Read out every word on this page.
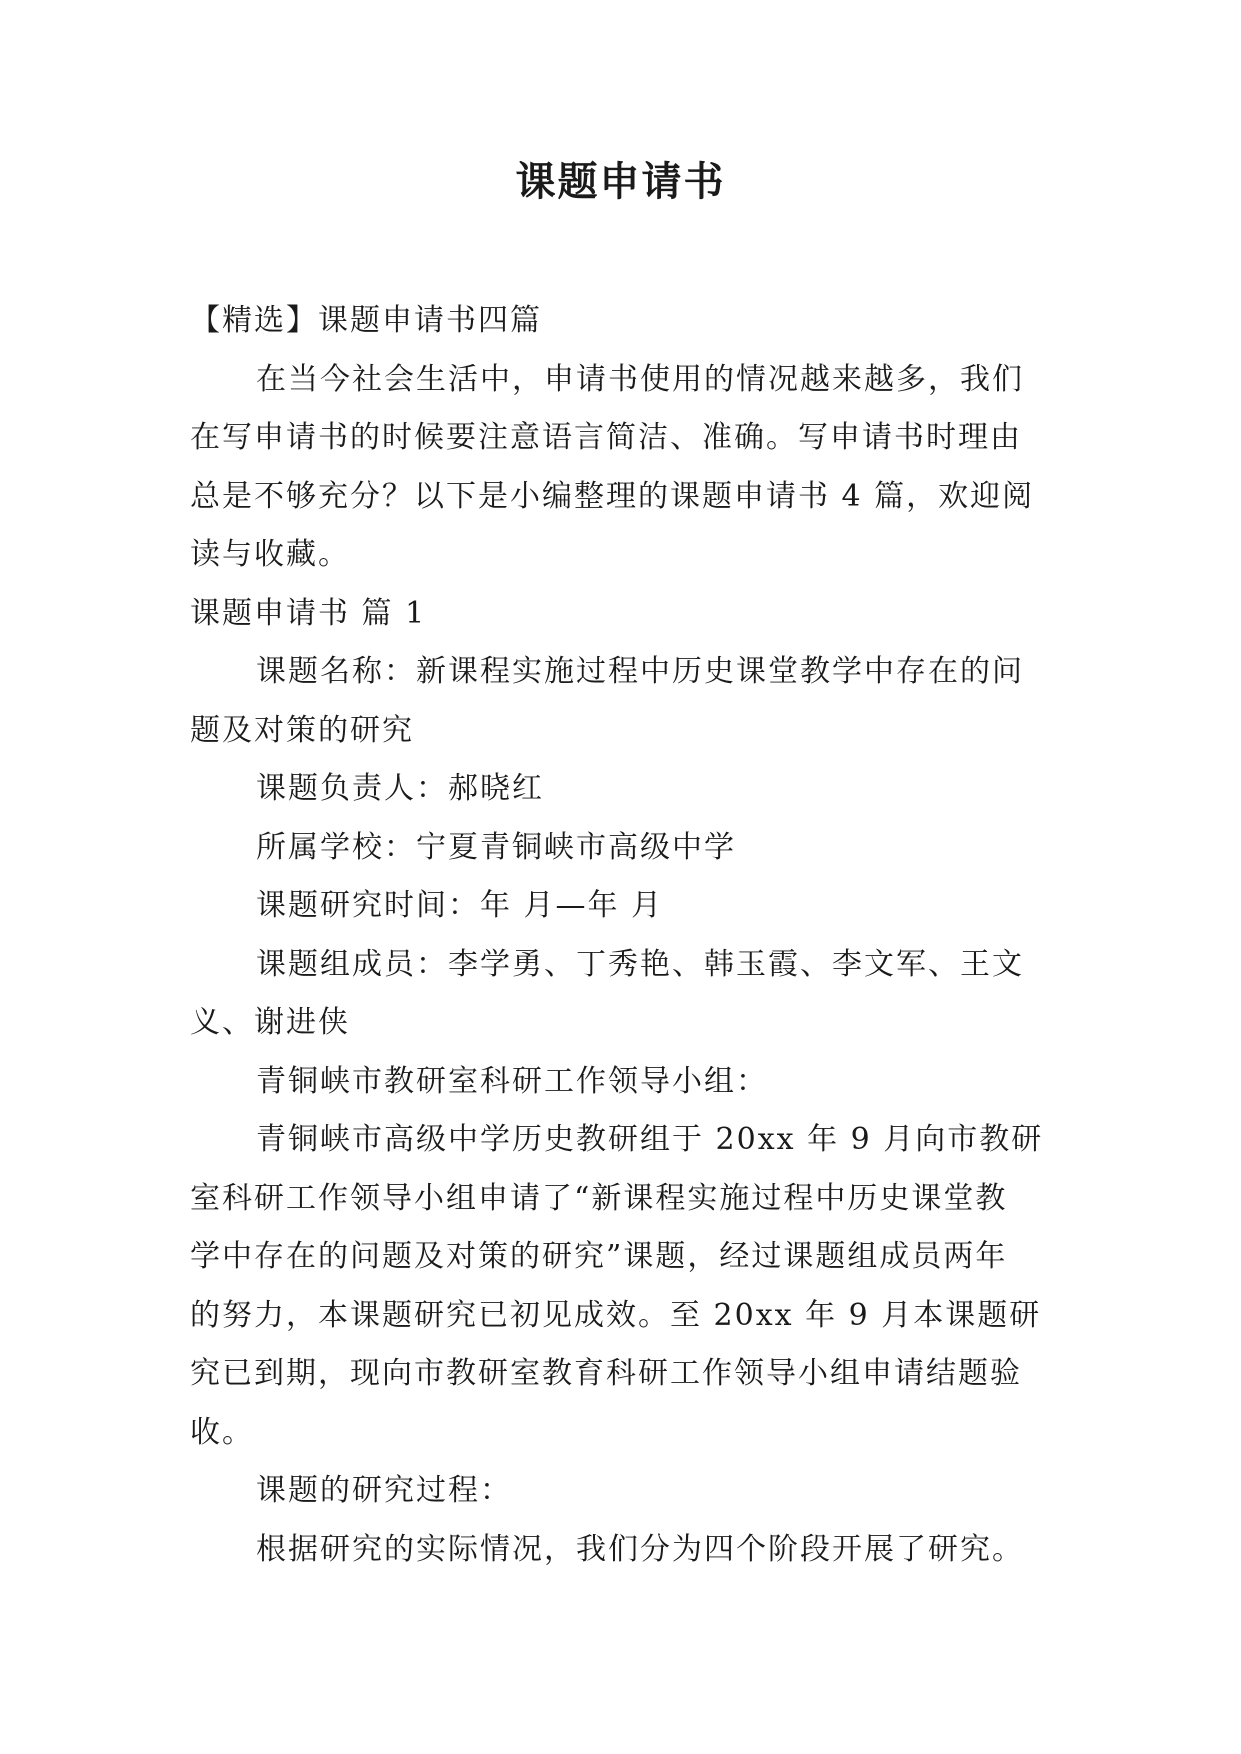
课题申请书

【精选】课题申请书四篇

在当今社会生活中，申请书使用的情况越来越多，我们

在写申请书的时候要注意语言简洁、准确。写申请书时理由

总是不够充分？以下是小编整理的课题申请书 4 篇，欢迎阅

读与收藏。

课题申请书 篇 1

课题名称：新课程实施过程中历史课堂教学中存在的问

题及对策的研究

课题负责人：郝晓红

所属学校：宁夏青铜峡市高级中学

课题研究时间：年 月—年 月

课题组成员：李学勇、丁秀艳、韩玉霞、李文军、王文

义、谢进侠

青铜峡市教研室科研工作领导小组：

青铜峡市高级中学历史教研组于 20xx 年 9 月向市教研

室科研工作领导小组申请了“新课程实施过程中历史课堂教

学中存在的问题及对策的研究”课题，经过课题组成员两年

的努力，本课题研究已初见成效。至 20xx 年 9 月本课题研

究已到期，现向市教研室教育科研工作领导小组申请结题验

收。

课题的研究过程：

根据研究的实际情况，我们分为四个阶段开展了研究。
